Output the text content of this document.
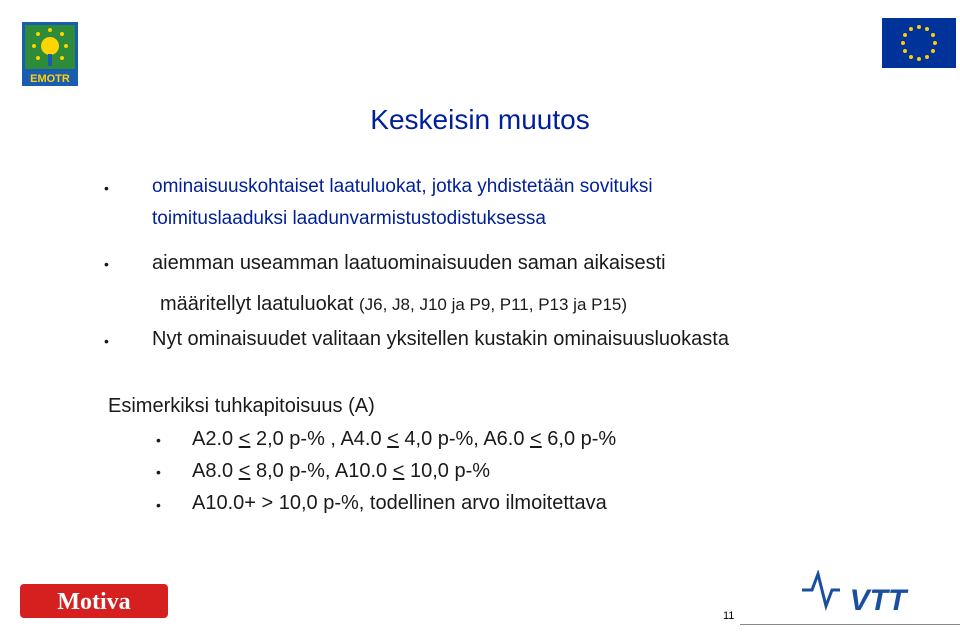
EMOTR
Keskeisin muutos
• ominaisuuskohtaiset laatuluokat, jotka yhdistetään sovituksi
toimituslaaduksi laadunvarmistustodistuksessa
• aiemman useamman laatuominaisuuden saman aikaisesti
määritellyt laatuluokat (J6, J8, J10 ja P9, P11, P13 ja P15)
• Nyt ominaisuudet valitaan yksitellen kustakin ominaisuusluokasta
Esimerkiksi tuhkapitoisuus (A)
• A2.0 ≤ 2,0 p-% , A4.0 ≤ 4,0 p-%, A6.0 ≤ 6,0 p-%
• A8.0 ≤ 8,0 p-%, A10.0 ≤ 10,0 p-%
• A10.0+ > 10,0 p-%, todellinen arvo ilmoitettava
Motiva	VTT
11
